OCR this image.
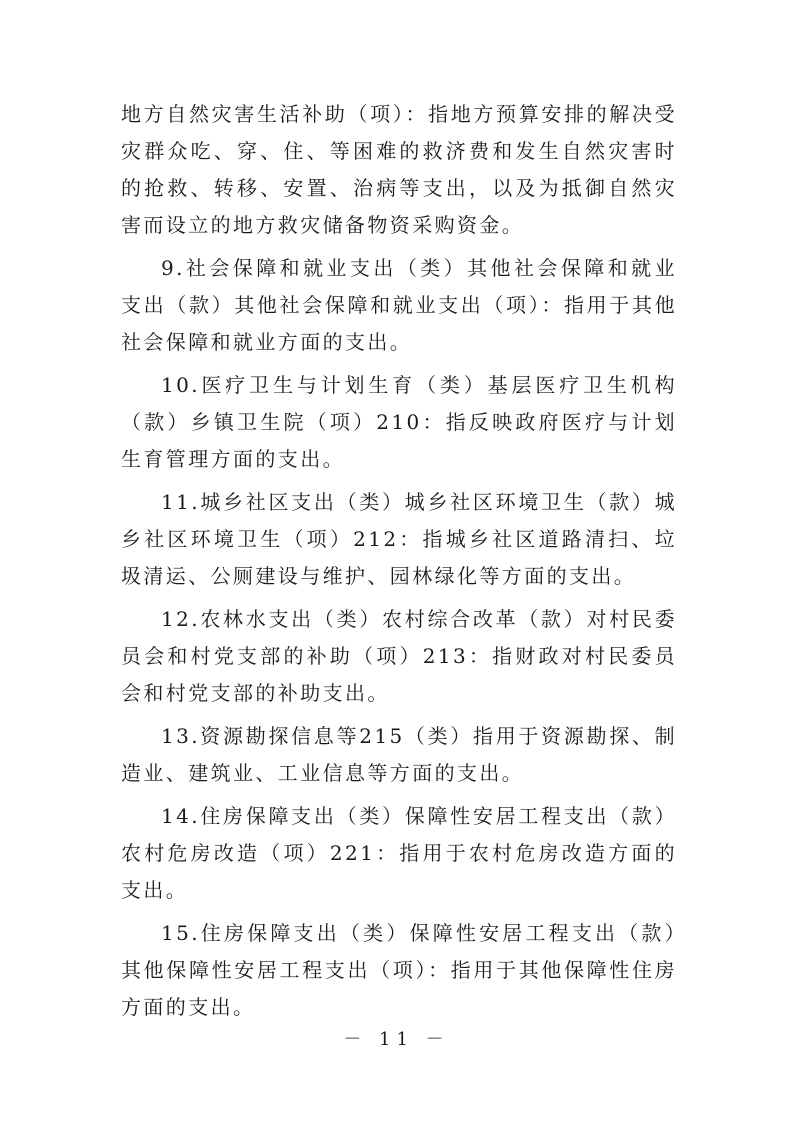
地方自然灾害生活补助（项）：指地方预算安排的解决受灾群众吃、穿、住、等困难的救济费和发生自然灾害时的抢救、转移、安置、治病等支出，以及为抵御自然灾害而设立的地方救灾储备物资采购资金。

9.社会保障和就业支出（类）其他社会保障和就业支出（款）其他社会保障和就业支出（项）：指用于其他社会保障和就业方面的支出。

10.医疗卫生与计划生育（类）基层医疗卫生机构（款）乡镇卫生院（项）210：指反映政府医疗与计划生育管理方面的支出。

11.城乡社区支出（类）城乡社区环境卫生（款）城乡社区环境卫生（项）212：指城乡社区道路清扫、垃圾清运、公厕建设与维护、园林绿化等方面的支出。

12.农林水支出（类）农村综合改革（款）对村民委员会和村党支部的补助（项）213：指财政对村民委员会和村党支部的补助支出。

13.资源勘探信息等215（类）指用于资源勘探、制造业、建筑业、工业信息等方面的支出。

14.住房保障支出（类）保障性安居工程支出（款）农村危房改造（项）221：指用于农村危房改造方面的支出。

15.住房保障支出（类）保障性安居工程支出（款）　其他保障性安居工程支出（项）：指用于其他保障性住房方面的支出。

－ 11 －
